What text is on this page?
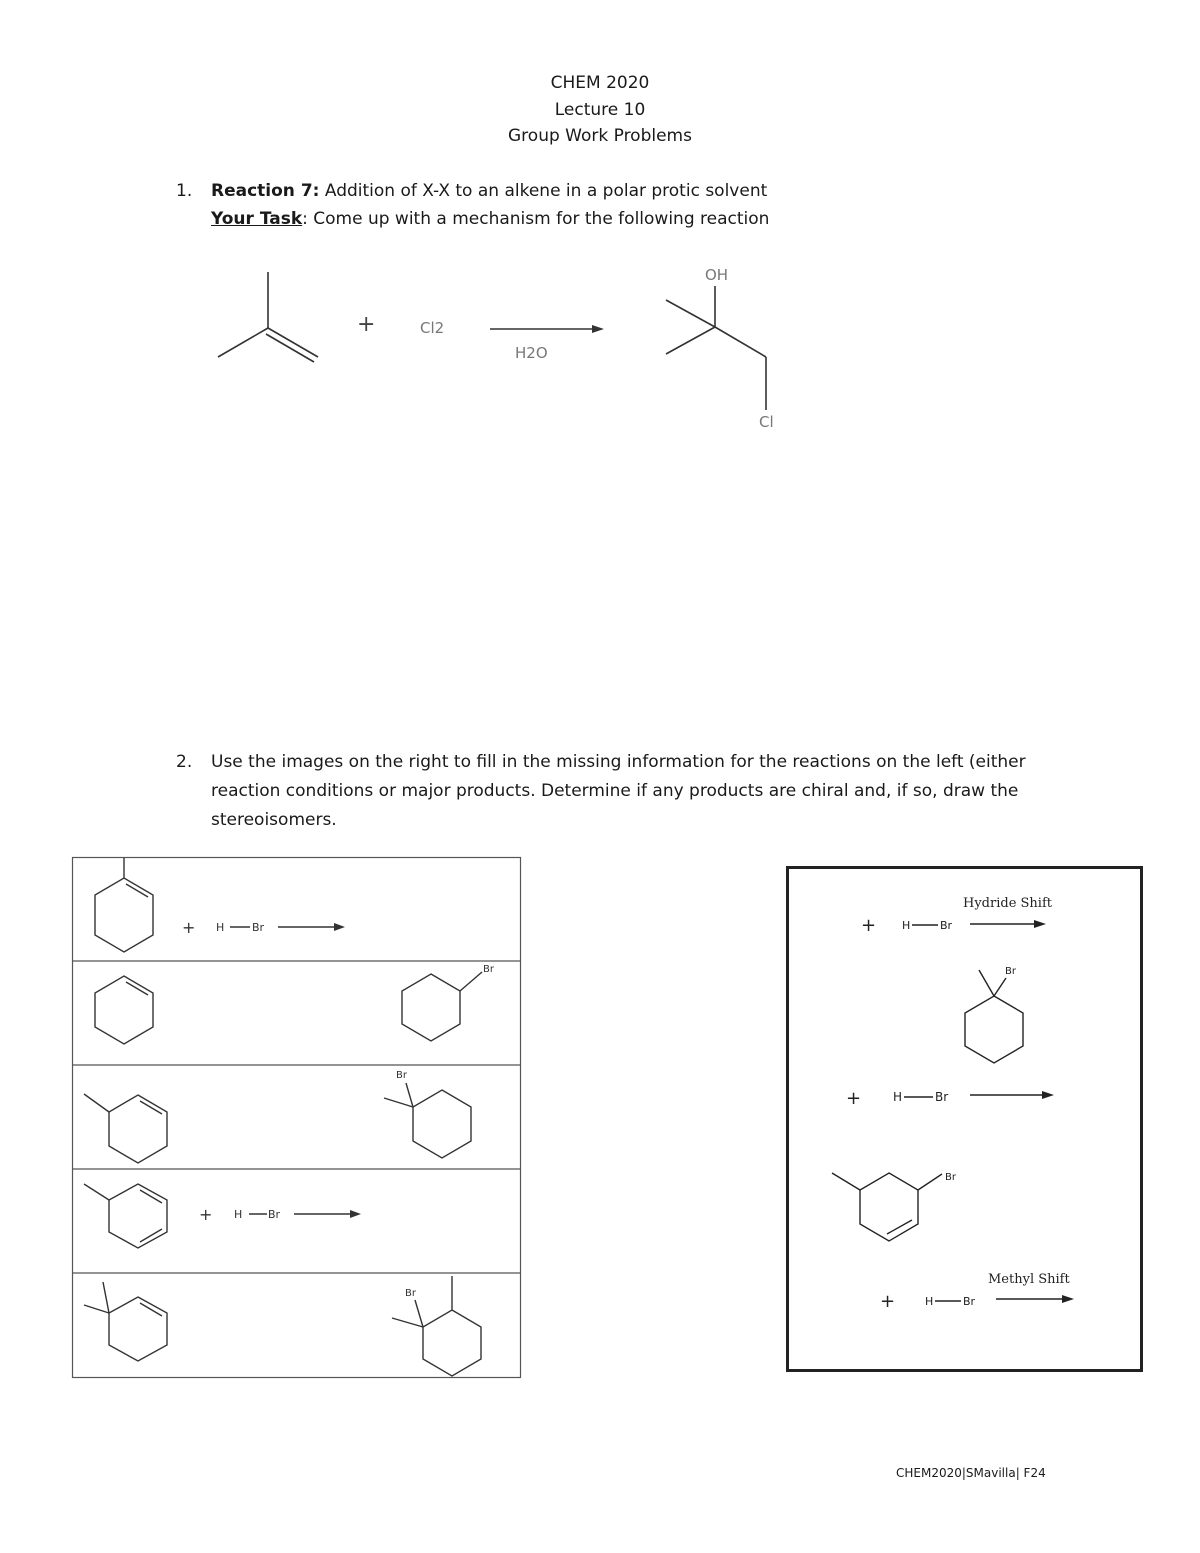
CHEM 2020
Lecture 10
Group Work Problems
1. Reaction 7: Addition of X-X to an alkene in a polar protic solvent
Your Task: Come up with a mechanism for the following reaction
+	Cl2
H2O
OH
Cl
2. Use the images on the right to fill in the missing information for the reactions on the left (either
reaction conditions or major products. Determine if any products are chiral and, if so, draw the
stereoisomers.
+ H	Br
Br
Br
+ H Br
Br
Hydride Shift
+ H	Br
Br
+	H	Br
Br
Methyl Shift
+	H	Br
CHEM2020|SMavilla| F24
